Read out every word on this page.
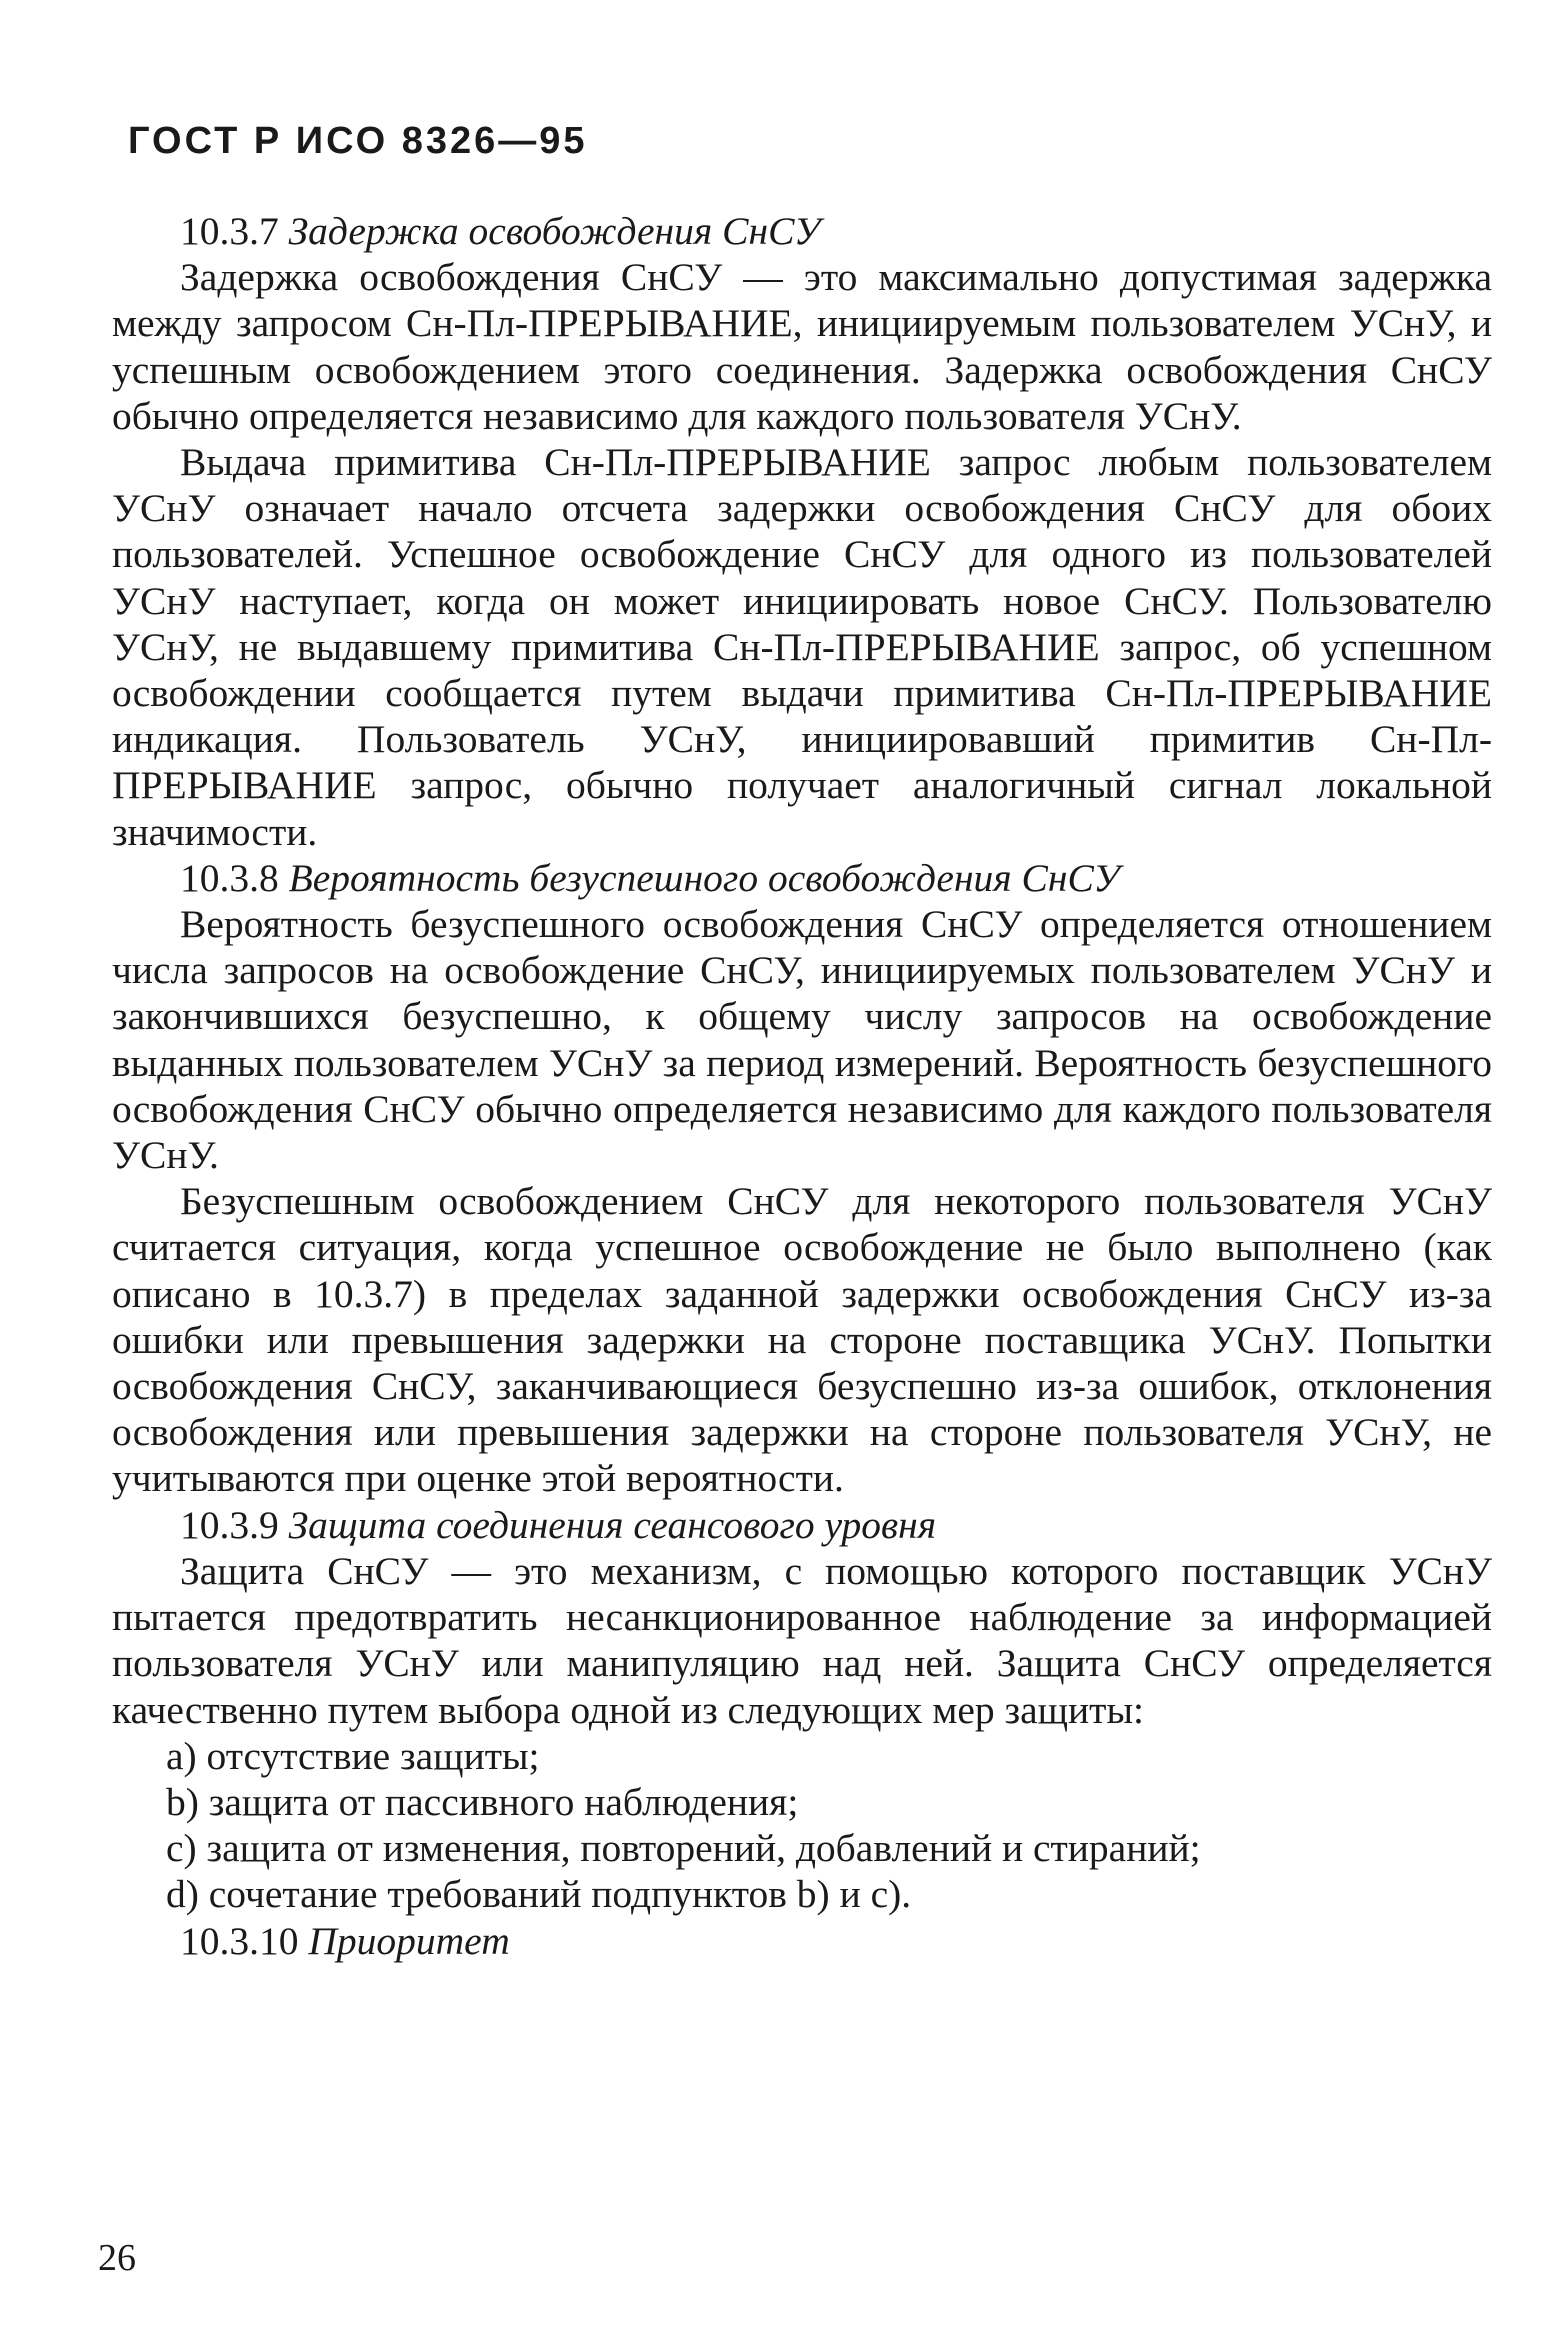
ГОСТ Р ИСО 8326—95

10.3.7 Задержка освобождения СнСУ

Задержка освобождения СнСУ — это максимально допустимая задержка между запросом Сн-Пл-ПРЕРЫВАНИЕ, инициируемым пользователем УСнУ, и успешным освобождением этого соединения. Задержка освобождения СнСУ обычно определяется независимо для каждого пользователя УСнУ.

Выдача примитива Сн-Пл-ПРЕРЫВАНИЕ запрос любым пользователем УСнУ означает начало отсчета задержки освобождения СнСУ для обоих пользователей. Успешное освобождение СнСУ для одного из пользователей УСнУ наступает, когда он может инициировать новое СнСУ. Пользователю УСнУ, не выдавшему примитива Сн-Пл-ПРЕРЫВАНИЕ запрос, об успешном освобождении сообщается путем выдачи примитива Сн-Пл-ПРЕРЫВАНИЕ индикация. Пользователь УСнУ, инициировавший примитив Сн-Пл-ПРЕРЫВАНИЕ запрос, обычно получает аналогичный сигнал локальной значимости.

10.3.8 Вероятность безуспешного освобождения СнСУ

Вероятность безуспешного освобождения СнСУ определяется отношением числа запросов на освобождение СнСУ, инициируемых пользователем УСнУ и закончившихся безуспешно, к общему числу запросов на освобождение выданных пользователем УСнУ за период измерений. Вероятность безуспешного освобождения СнСУ обычно определяется независимо для каждого пользователя УСнУ.

Безуспешным освобождением СнСУ для некоторого пользователя УСнУ считается ситуация, когда успешное освобождение не было выполнено (как описано в 10.3.7) в пределах заданной задержки освобождения СнСУ из-за ошибки или превышения задержки на стороне поставщика УСнУ. Попытки освобождения СнСУ, заканчивающиеся безуспешно из-за ошибок, отклонения освобождения или превышения задержки на стороне пользователя УСнУ, не учитываются при оценке этой вероятности.

10.3.9 Защита соединения сеансового уровня

Защита СнСУ — это механизм, с помощью которого поставщик УСнУ пытается предотвратить несанкционированное наблюдение за информацией пользователя УСнУ или манипуляцию над ней. Защита СнСУ определяется качественно путем выбора одной из следующих мер защиты:

а) отсутствие защиты;

b) защита от пассивного наблюдения;

с) защита от изменения, повторений, добавлений и стираний;

d) сочетание требований подпунктов b) и с).

10.3.10 Приоритет

26
